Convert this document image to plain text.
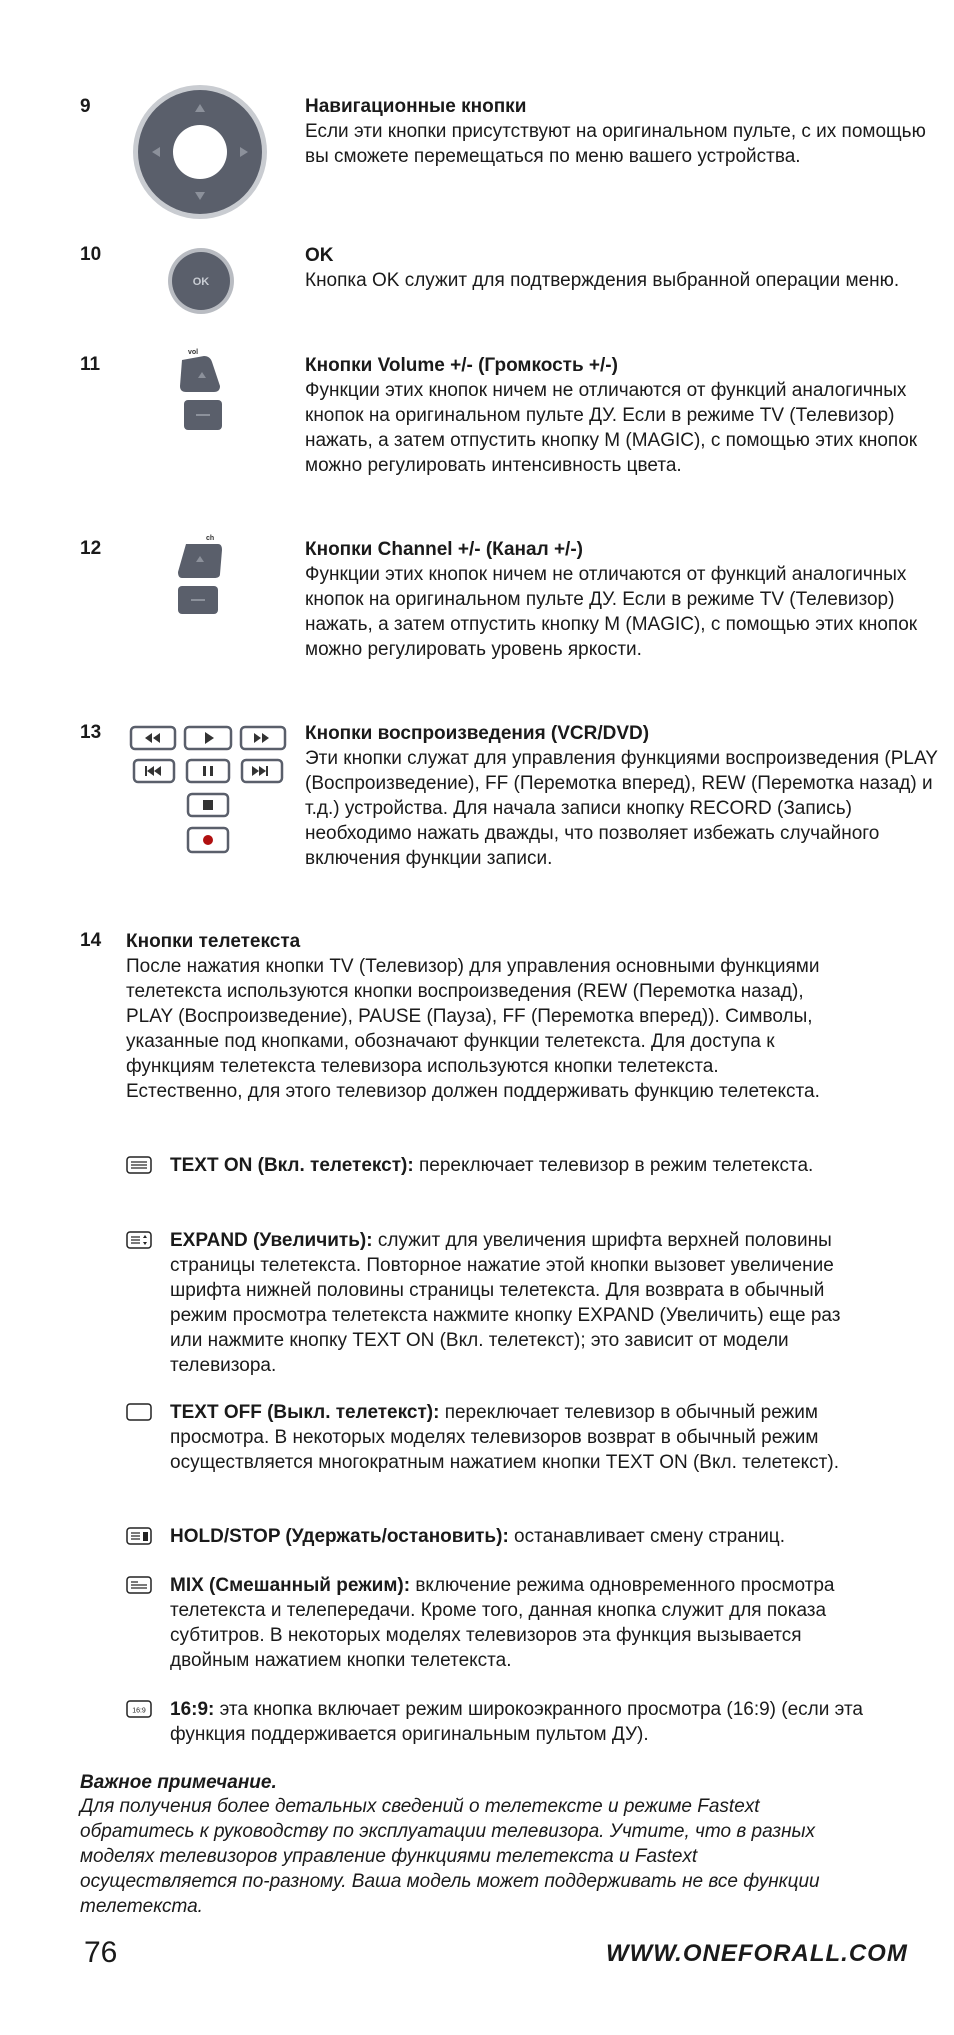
9	Навигационные кнопки

Если эти кнопки присутствуют на оригинальном пульте, с их помощью вы сможете перемещаться по меню вашего устройства.

10
OK

OK

Кнопка OK служит для подтверждения выбранной операции меню.

11
vol

Кнопки Volume +/- (Громкость +/-)

Функции этих кнопок ничем не отличаются от функций аналогичных кнопок на оригинальном пульте ДУ. Если в режиме TV (Телевизор) нажать, а затем отпустить кнопку M (MAGIC), с помощью этих кнопок можно регулировать интенсивность цвета.

12	ch

Кнопки Channel +/- (Канал +/-)

Функции этих кнопок ничем не отличаются от функций аналогичных кнопок на оригинальном пульте ДУ. Если в режиме TV (Телевизор) нажать, а затем отпустить кнопку M (MAGIC), с помощью этих кнопок можно регулировать уровень яркости.

13	Кнопки воспроизведения (VCR/DVD)

Эти кнопки служат для управления функциями воспроизведения (PLAY (Воспроизведение), FF (Перемотка вперед), REW (Перемотка назад) и т.д.) устройства. Для начала записи кнопку RECORD (Запись) необходимо нажать дважды, что позволяет избежать случайного включения функции записи.

14 Кнопки телетекста

После нажатия кнопки TV (Телевизор) для управления основными функциями телетекста используются кнопки воспроизведения (REW (Перемотка назад), PLAY (Воспроизведение), PAUSE (Пауза), FF (Перемотка вперед)). Символы, указанные под кнопками, обозначают функции телетекста. Для доступа к функциям телетекста телевизора используются кнопки телетекста. Естественно, для этого телевизор должен поддерживать функцию телетекста.

TEXT ON (Вкл. телетекст): переключает телевизор в режим телетекста.
EXPAND (Увеличить): служит для увеличения шрифта верхней половины страницы телетекста. Повторное нажатие этой кнопки вызовет увеличение шрифта нижней половины страницы телетекста. Для возврата в обычный режим просмотра телетекста нажмите кнопку EXPAND (Увеличить) еще раз или нажмите кнопку TEXT ON (Вкл. телетекст); это зависит от модели телевизора.
TEXT OFF (Выкл. телетекст): переключает телевизор в обычный режим просмотра. В некоторых моделях телевизоров возврат в обычный режим осуществляется многократным нажатием кнопки TEXT ON (Вкл. телетекст).
HOLD/STOP (Удержать/остановить): останавливает смену страниц.
MIX (Смешанный режим): включение режима одновременного просмотра телетекста и телепередачи. Кроме того, данная кнопка служит для показа субтитров. В некоторых моделях телевизоров эта функция вызывается двойным нажатием кнопки телетекста.
16:9 16:9: эта кнопка включает режим широкоэкранного просмотра (16:9) (если эта функция поддерживается оригинальным пультом ДУ).
Важное примечание.
Для получения более детальных сведений о телетексте и режиме Fastext обратитесь к руководству по эксплуатации телевизора. Учтите, что в разных моделях телевизоров управление функциями телетекста и Fastext осуществляется по-разному. Ваша модель может поддерживать не все функции телетекста.
76	WWW.ONEFORALL.COM
